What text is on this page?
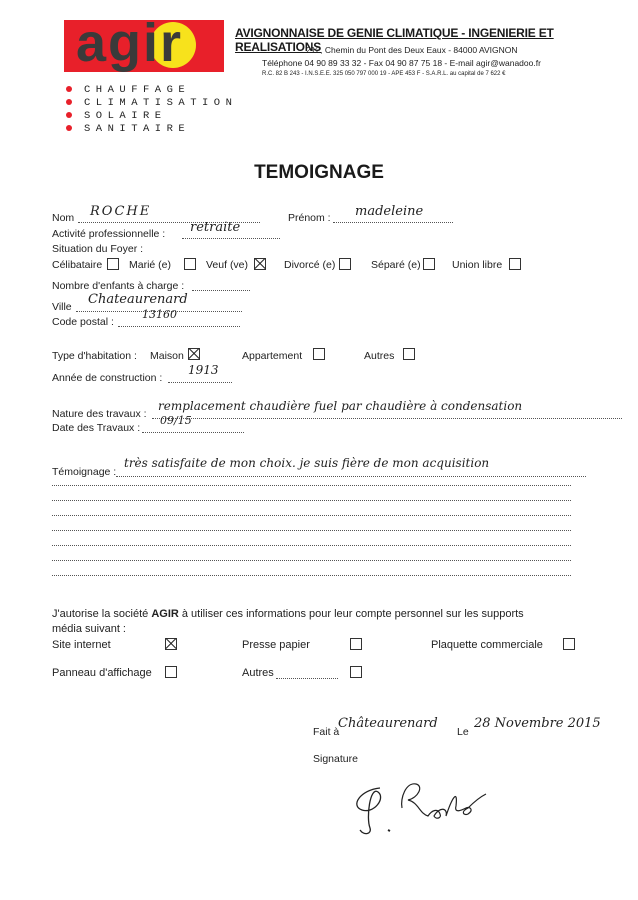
agir
CHAUFFAGE
CLIMATISATION
SOLAIRE
SANITAIRE
AVIGNONNAISE DE GENIE CLIMATIQUE - INGENIERIE ET REALISATIONS
212, Chemin du Pont des Deux Eaux - 84000 AVIGNON
Téléphone 04 90 89 33 32 - Fax 04 90 87 75 18 - E-mail agir@wanadoo.fr
R.C. 82 B 243 - I.N.S.E.E. 325 050 797 000 19 - APE 453 F - S.A.R.L. au capital de 7 622 €
TEMOIGNAGE
Nom ROCHE	Prénom : madeleine
Activité professionnelle : retraite
Situation du Foyer :
Célibataire	Marié (e)	Veuf (ve)	Divorcé (e)	Séparé (e)	Union libre
Nombre d'enfants à charge :
Ville Chateaurenard
Code postal :
13160
Type d'habitation : Maison	Appartement	Autres
Année de construction :
1913
Nature des travaux :
remplacement chaudière fuel par chaudière à condensation
Date des Travaux :
09/15
Témoignage :
très satisfaite de mon choix. je suis fière de mon acquisition
J'autorise la société AGIR à utiliser ces informations pour leur compte personnel sur les supports
média suivant :
Site internet	Presse papier	Plaquette commerciale
Panneau d'affichage	Autres
Fait à
Châteaurenard
Le
28 Novembre 2015
Signature
